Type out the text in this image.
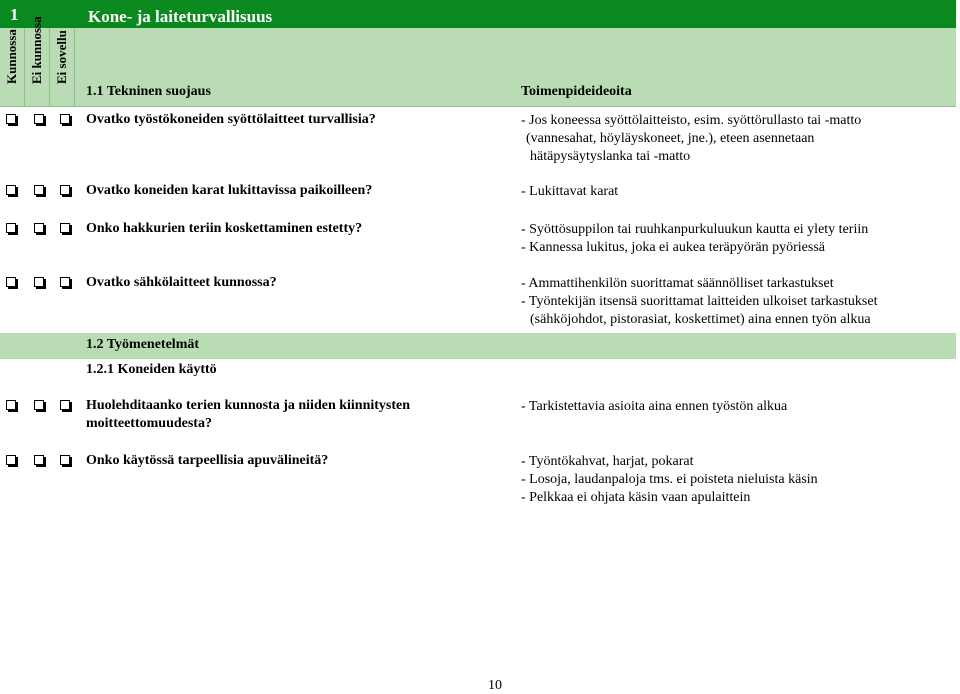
1	Kone- ja laiteturvallisuus
Kunnossa Ei kunnossa Ei sovellu
1.1 Tekninen suojaus	Toimenpideideoita
Ovatko työstökoneiden syöttölaitteet turvallisia?	- Jos koneessa syöttölaitteisto, esim. syöttörullasto tai -matto
(vannesahat, höyläyskoneet, jne.), eteen asennetaan
hätäpysäytyslanka tai -matto
Ovatko koneiden karat lukittavissa paikoilleen?	- Lukittavat karat
Onko hakkurien teriin koskettaminen estetty?	- Syöttösuppilon tai ruuhkanpurkuluukun kautta ei ylety teriin
- Kannessa lukitus, joka ei aukea teräpyörän pyöriessä
Ovatko sähkölaitteet kunnossa?	- Ammattihenkilön suorittamat säännölliset tarkastukset
- Työntekijän itsensä suorittamat laitteiden ulkoiset tarkastukset
(sähköjohdot, pistorasiat, koskettimet) aina ennen työn alkua
1.2 Työmenetelmät
1.2.1 Koneiden käyttö
Huolehditaanko terien kunnosta ja niiden kiinnitysten
moitteettomuudesta?
- Tarkistettavia asioita aina ennen työstön alkua
Onko käytössä tarpeellisia apuvälineitä?	- Työntökahvat, harjat, pokarat
- Losoja, laudanpaloja tms. ei poisteta nieluista käsin
- Pelkkaa ei ohjata käsin vaan apulaittein
10
